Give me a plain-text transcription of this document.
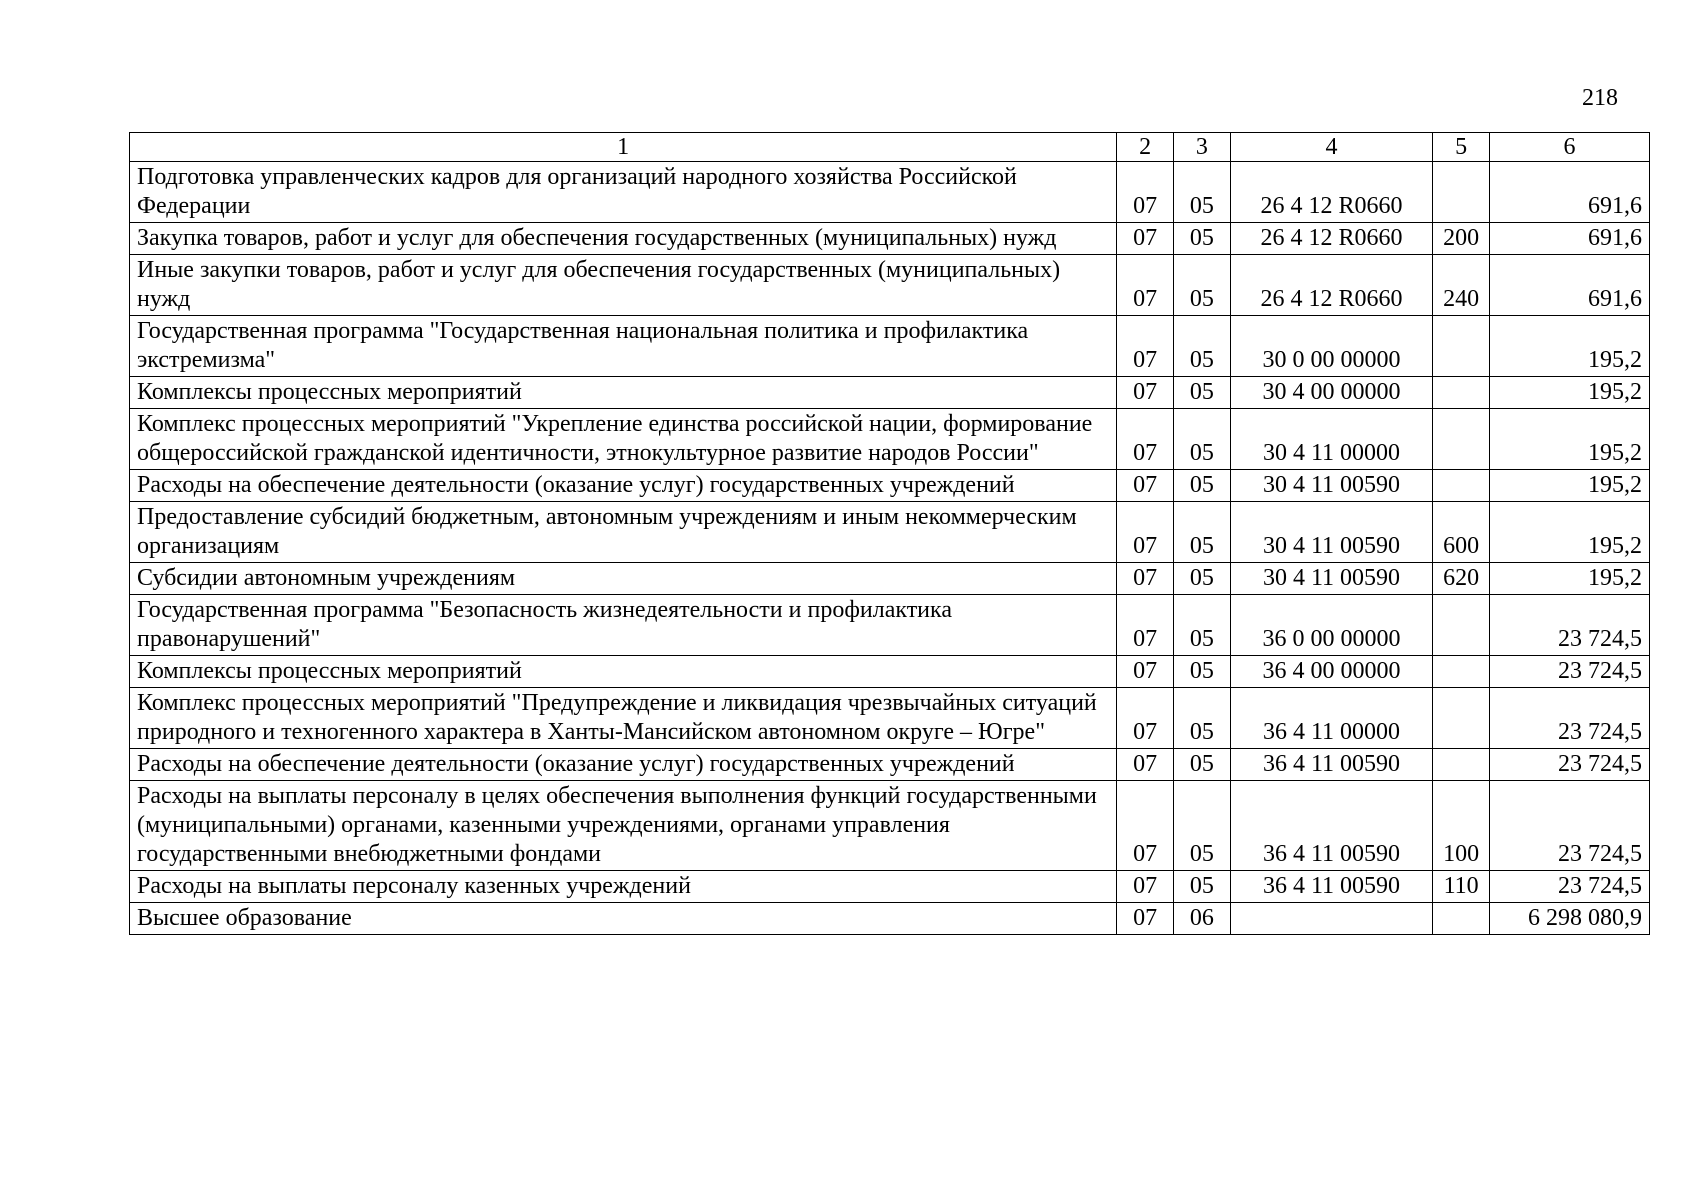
218
1	2	3	4	5	6
Подготовка управленческих кадров для организаций народного хозяйства Российской Федерации	07	05	26 4 12 R0660		691,6
Закупка товаров, работ и услуг для обеспечения государственных (муниципальных) нужд	07	05	26 4 12 R0660	200	691,6
Иные закупки товаров, работ и услуг для обеспечения государственных (муниципальных) нужд	07	05	26 4 12 R0660	240	691,6
Государственная программа "Государственная национальная политика и профилактика экстремизма"	07	05	30 0 00 00000		195,2
Комплексы процессных мероприятий	07	05	30 4 00 00000		195,2
Комплекс процессных мероприятий "Укрепление единства российской нации, формирование общероссийской гражданской идентичности, этнокультурное развитие народов России"	07	05	30 4 11 00000		195,2
Расходы на обеспечение деятельности (оказание услуг) государственных учреждений	07	05	30 4 11 00590		195,2
Предоставление субсидий бюджетным, автономным учреждениям и иным некоммерческим организациям	07	05	30 4 11 00590	600	195,2
Субсидии автономным учреждениям	07	05	30 4 11 00590	620	195,2
Государственная программа "Безопасность жизнедеятельности и профилактика правонарушений"	07	05	36 0 00 00000		23 724,5
Комплексы процессных мероприятий	07	05	36 4 00 00000		23 724,5
Комплекс процессных мероприятий "Предупреждение и ликвидация чрезвычайных ситуаций природного и техногенного характера в Ханты-Мансийском автономном округе – Югре"	07	05	36 4 11 00000		23 724,5
Расходы на обеспечение деятельности (оказание услуг) государственных учреждений	07	05	36 4 11 00590		23 724,5
Расходы на выплаты персоналу в целях обеспечения выполнения функций государственными (муниципальными) органами, казенными учреждениями, органами управления государственными внебюджетными фондами	07	05	36 4 11 00590	100	23 724,5
Расходы на выплаты персоналу казенных учреждений	07	05	36 4 11 00590	110	23 724,5
Высшее образование	07	06			6 298 080,9
